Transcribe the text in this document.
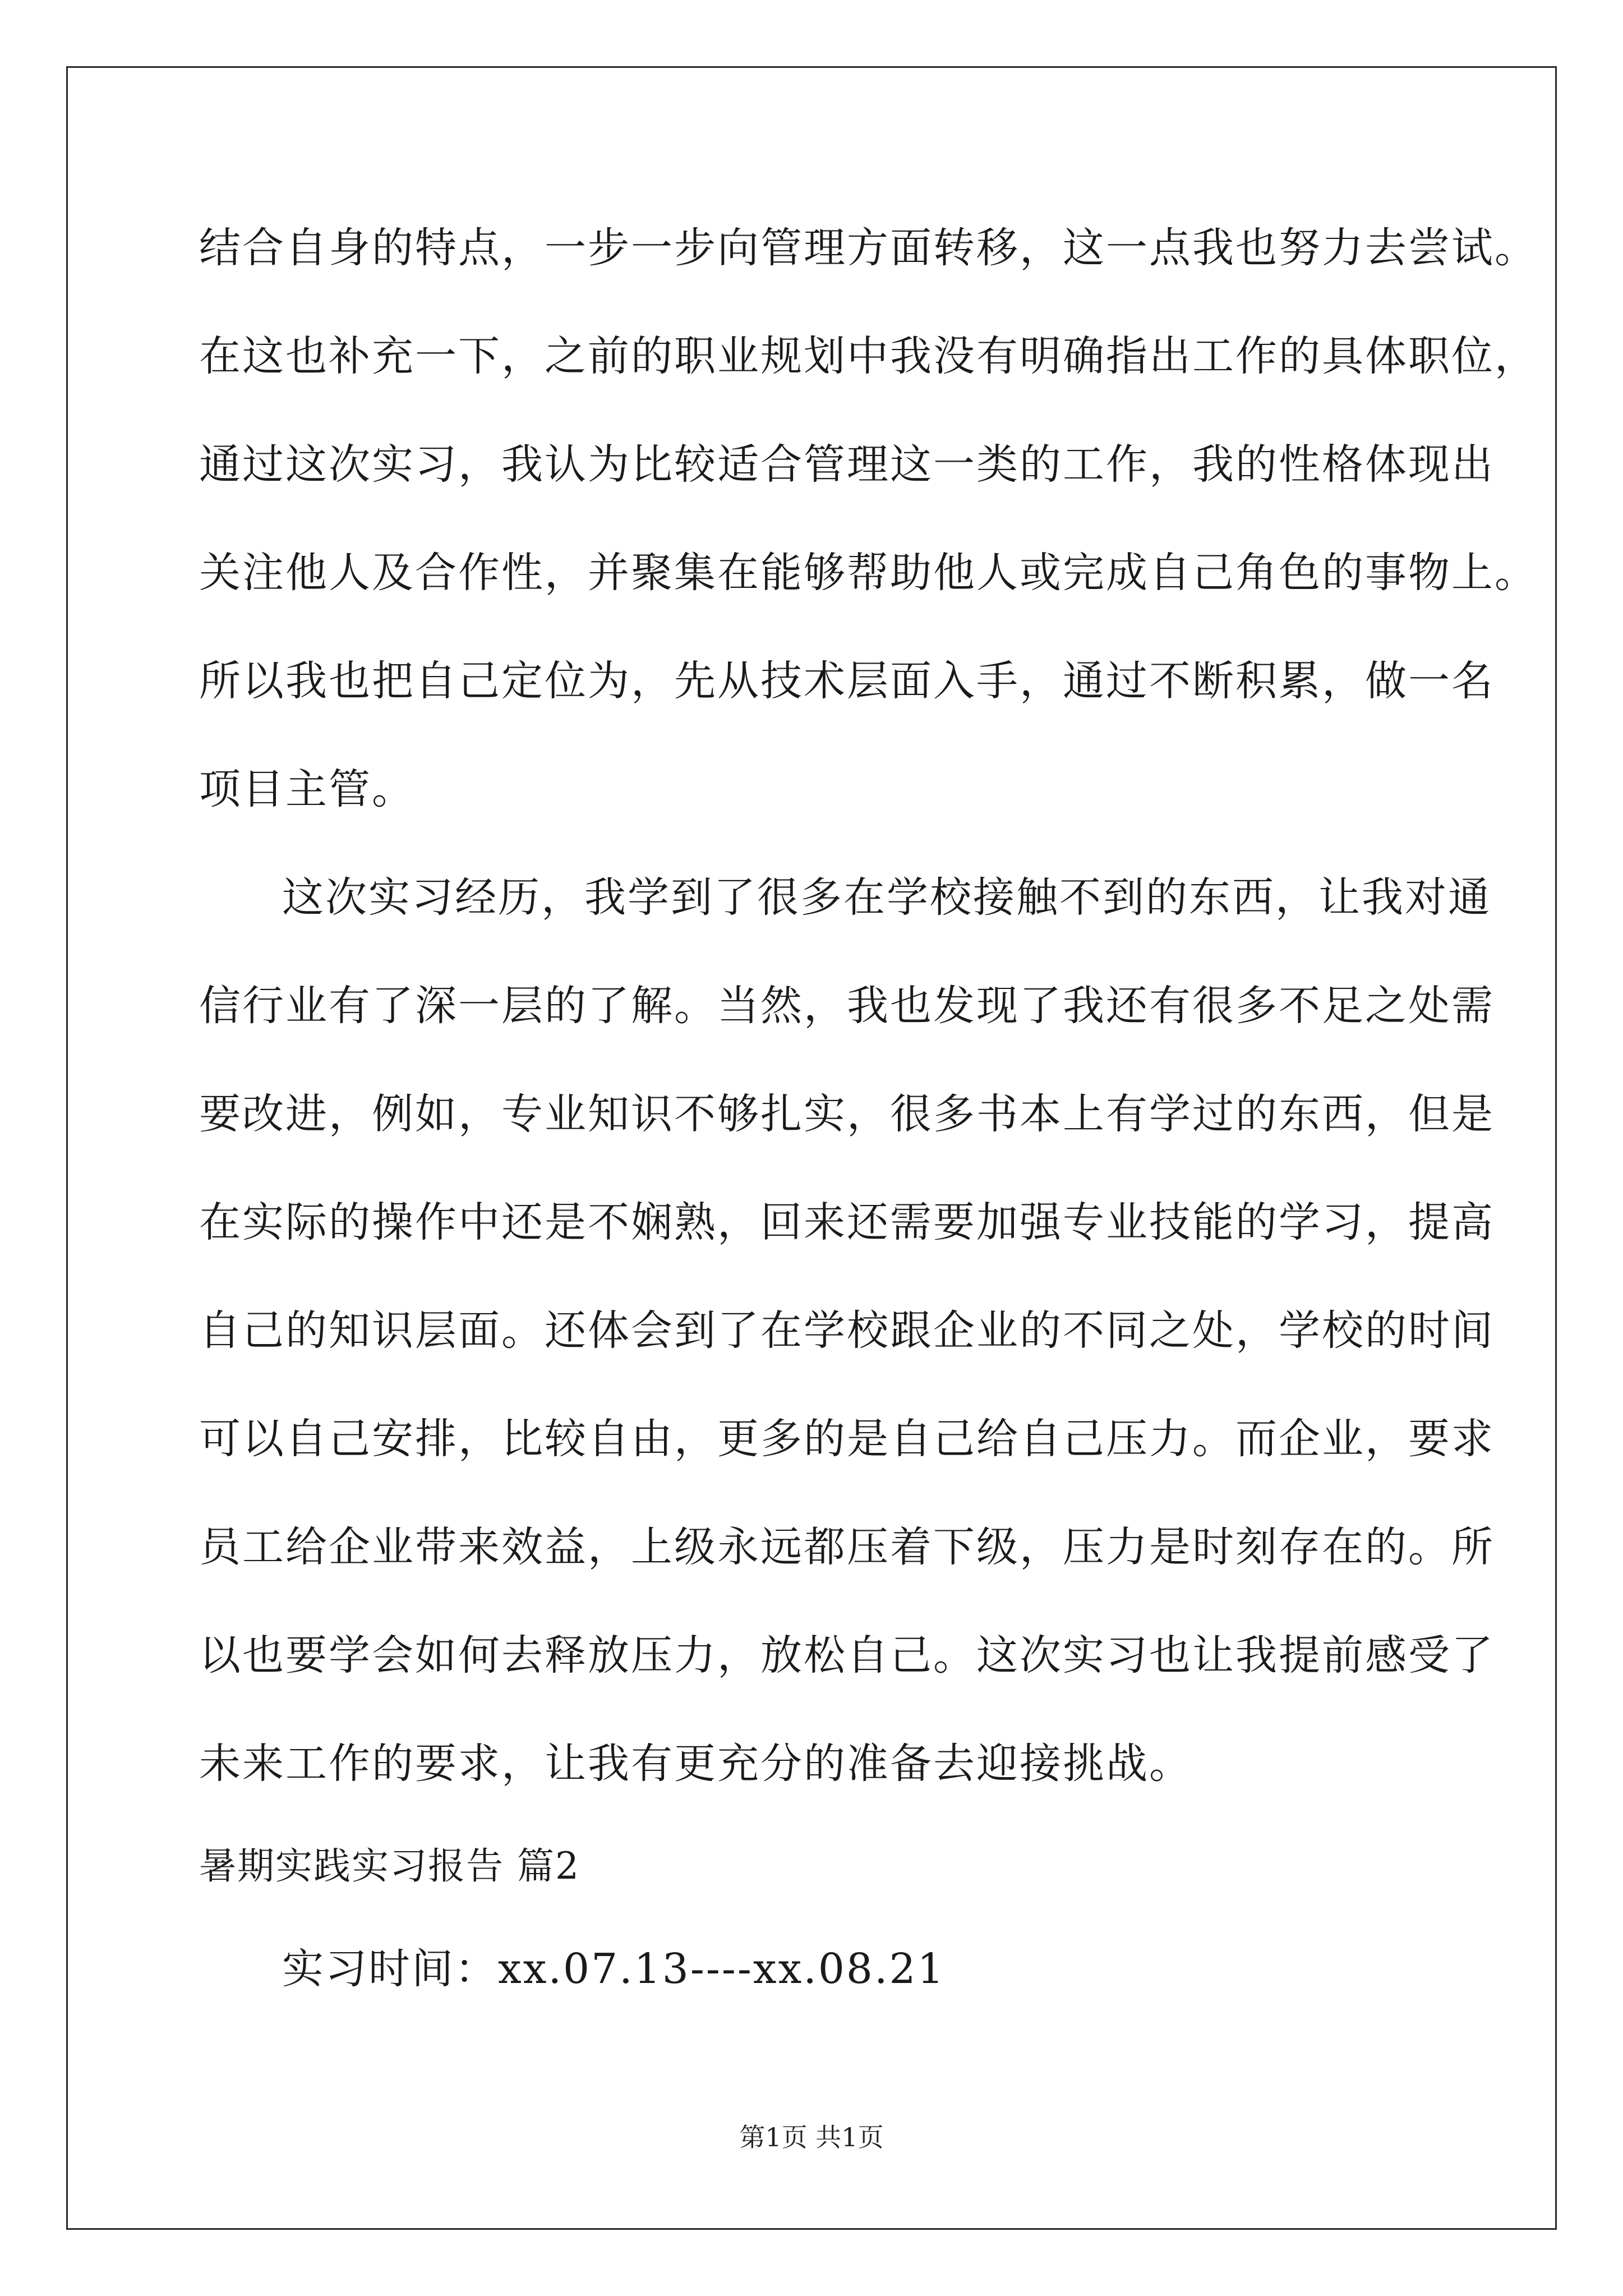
结合自身的特点，一步一步向管理方面转移，这一点我也努力去尝试。
在这也补充一下，之前的职业规划中我没有明确指出工作的具体职位，
通过这次实习，我认为比较适合管理这一类的工作，我的性格体现出
关注他人及合作性，并聚集在能够帮助他人或完成自己角色的事物上。
所以我也把自己定位为，先从技术层面入手，通过不断积累，做一名
项目主管。
这次实习经历，我学到了很多在学校接触不到的东西，让我对通
信行业有了深一层的了解。当然，我也发现了我还有很多不足之处需
要改进，例如，专业知识不够扎实，很多书本上有学过的东西，但是
在实际的操作中还是不娴熟，回来还需要加强专业技能的学习，提高
自己的知识层面。还体会到了在学校跟企业的不同之处，学校的时间
可以自己安排，比较自由，更多的是自己给自己压力。而企业，要求
员工给企业带来效益，上级永远都压着下级，压力是时刻存在的。所
以也要学会如何去释放压力，放松自己。这次实习也让我提前感受了
未来工作的要求，让我有更充分的准备去迎接挑战。
暑期实践实习报告 篇2
实习时间：xx.07.13----xx.08.21
第1页 共1页
